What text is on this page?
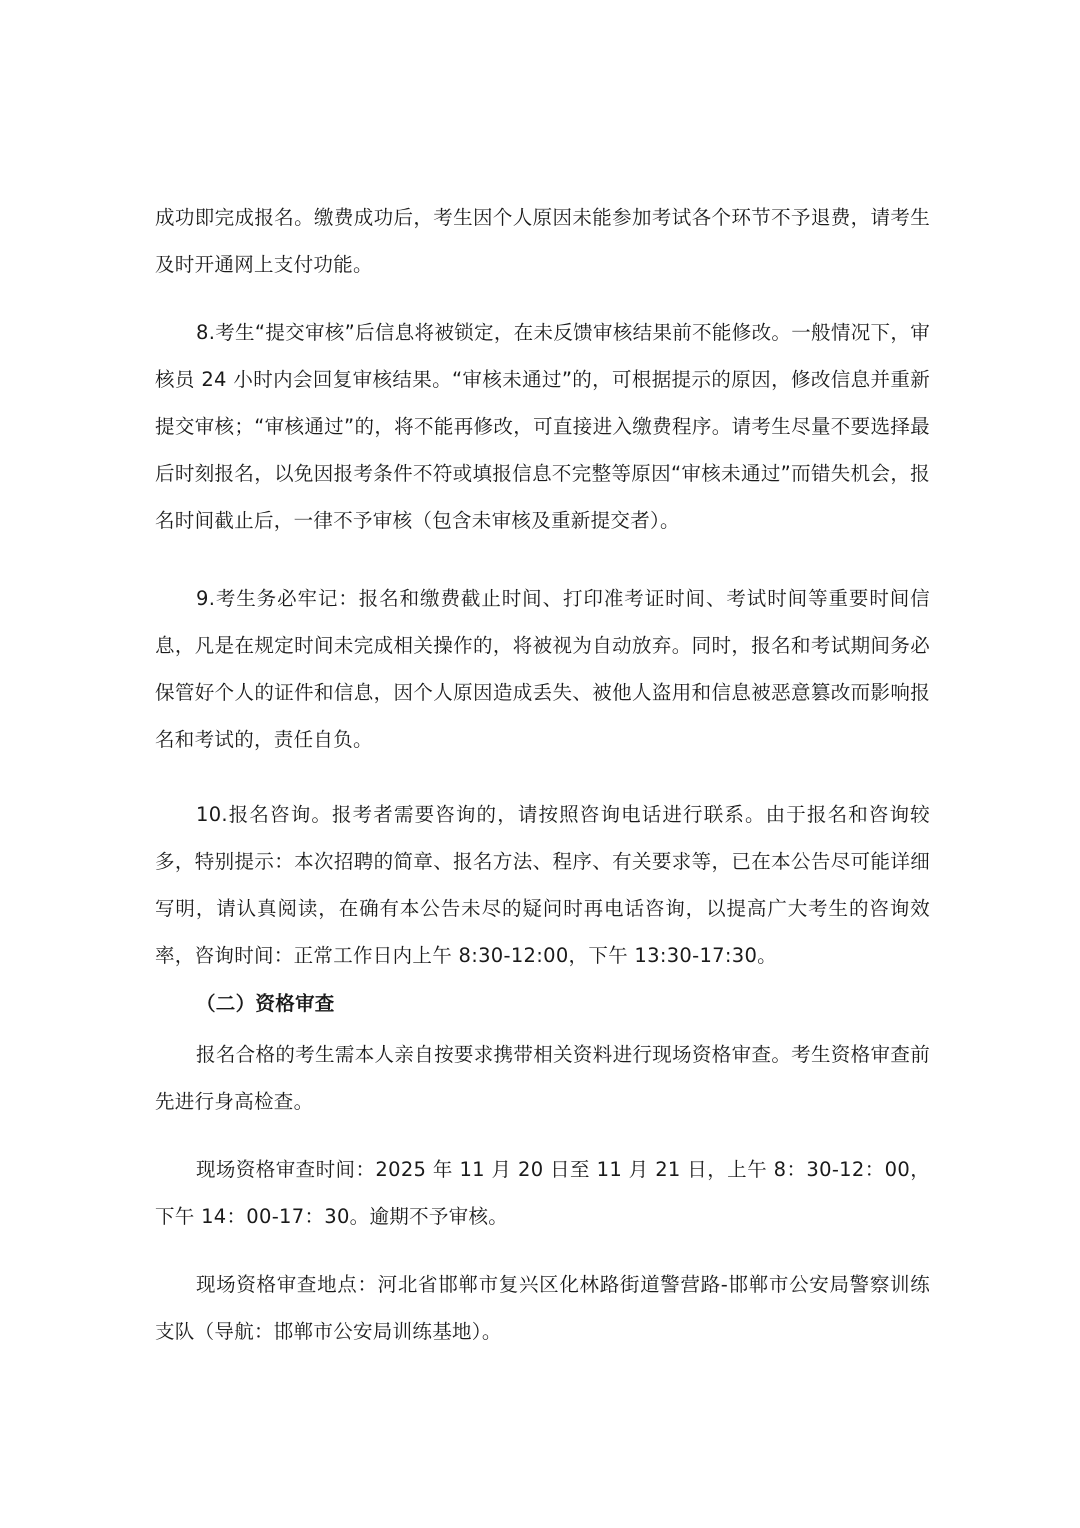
成功即完成报名。缴费成功后，考生因个人原因未能参加考试各个环节不予退费，请考生及时开通网上支付功能。

8.考生“提交审核”后信息将被锁定，在未反馈审核结果前不能修改。一般情况下，审核员 24 小时内会回复审核结果。“审核未通过”的，可根据提示的原因，修改信息并重新提交审核；“审核通过”的，将不能再修改，可直接进入缴费程序。请考生尽量不要选择最后时刻报名，以免因报考条件不符或填报信息不完整等原因“审核未通过”而错失机会，报名时间截止后，一律不予审核（包含未审核及重新提交者）。

9.考生务必牢记：报名和缴费截止时间、打印准考证时间、考试时间等重要时间信息，凡是在规定时间未完成相关操作的，将被视为自动放弃。同时，报名和考试期间务必保管好个人的证件和信息，因个人原因造成丢失、被他人盗用和信息被恶意篡改而影响报名和考试的，责任自负。

10.报名咨询。报考者需要咨询的，请按照咨询电话进行联系。由于报名和咨询较多，特别提示：本次招聘的简章、报名方法、程序、有关要求等，已在本公告尽可能详细写明，请认真阅读，在确有本公告未尽的疑问时再电话咨询，以提高广大考生的咨询效率，咨询时间：正常工作日内上午 8:30-12:00，下午 13:30-17:30。

（二）资格审查

报名合格的考生需本人亲自按要求携带相关资料进行现场资格审查。考生资格审查前先进行身高检查。

现场资格审查时间：2025 年 11 月 20 日至 11 月 21 日，上午 8：30-12：00，下午 14：00-17：30。逾期不予审核。

现场资格审查地点：河北省邯郸市复兴区化林路街道警营路-邯郸市公安局警察训练支队（导航：邯郸市公安局训练基地）。
